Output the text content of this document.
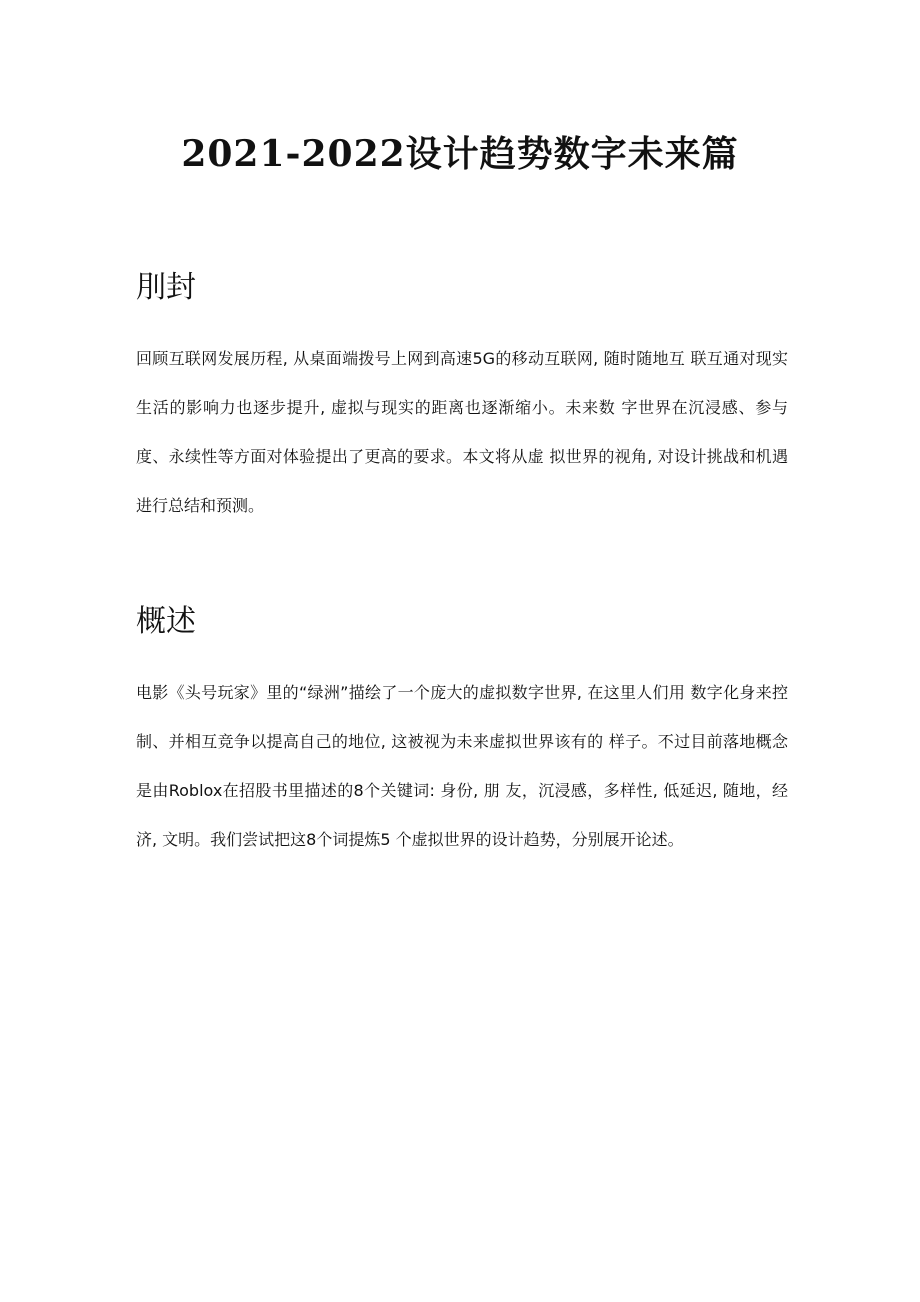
2021-2022设计趋势数字未来篇
刖封

回顾互联网发展历程, 从桌面端拨号上网到高速5G的移动互联网, 随时随地互 联互通对现实生活的影响力也逐步提升, 虚拟与现实的距离也逐渐缩小。未来数 字世界在沉浸感、参与度、永续性等方面对体验提出了更高的要求。本文将从虚 拟世界的视角, 对设计挑战和机遇进行总结和预测。

概述

电影《头号玩家》里的“绿洲”描绘了一个庞大的虚拟数字世界, 在这里人们用 数字化身来控制、并相互竞争以提高自己的地位, 这被视为未来虚拟世界该有的 样子。不过目前落地概念是由Roblox在招股书里描述的8个关键词: 身份, 朋 友，沉浸感，多样性, 低延迟, 随地，经济, 文明。我们尝试把这8个词提炼5 个虚拟世界的设计趋势，分别展开论述。
